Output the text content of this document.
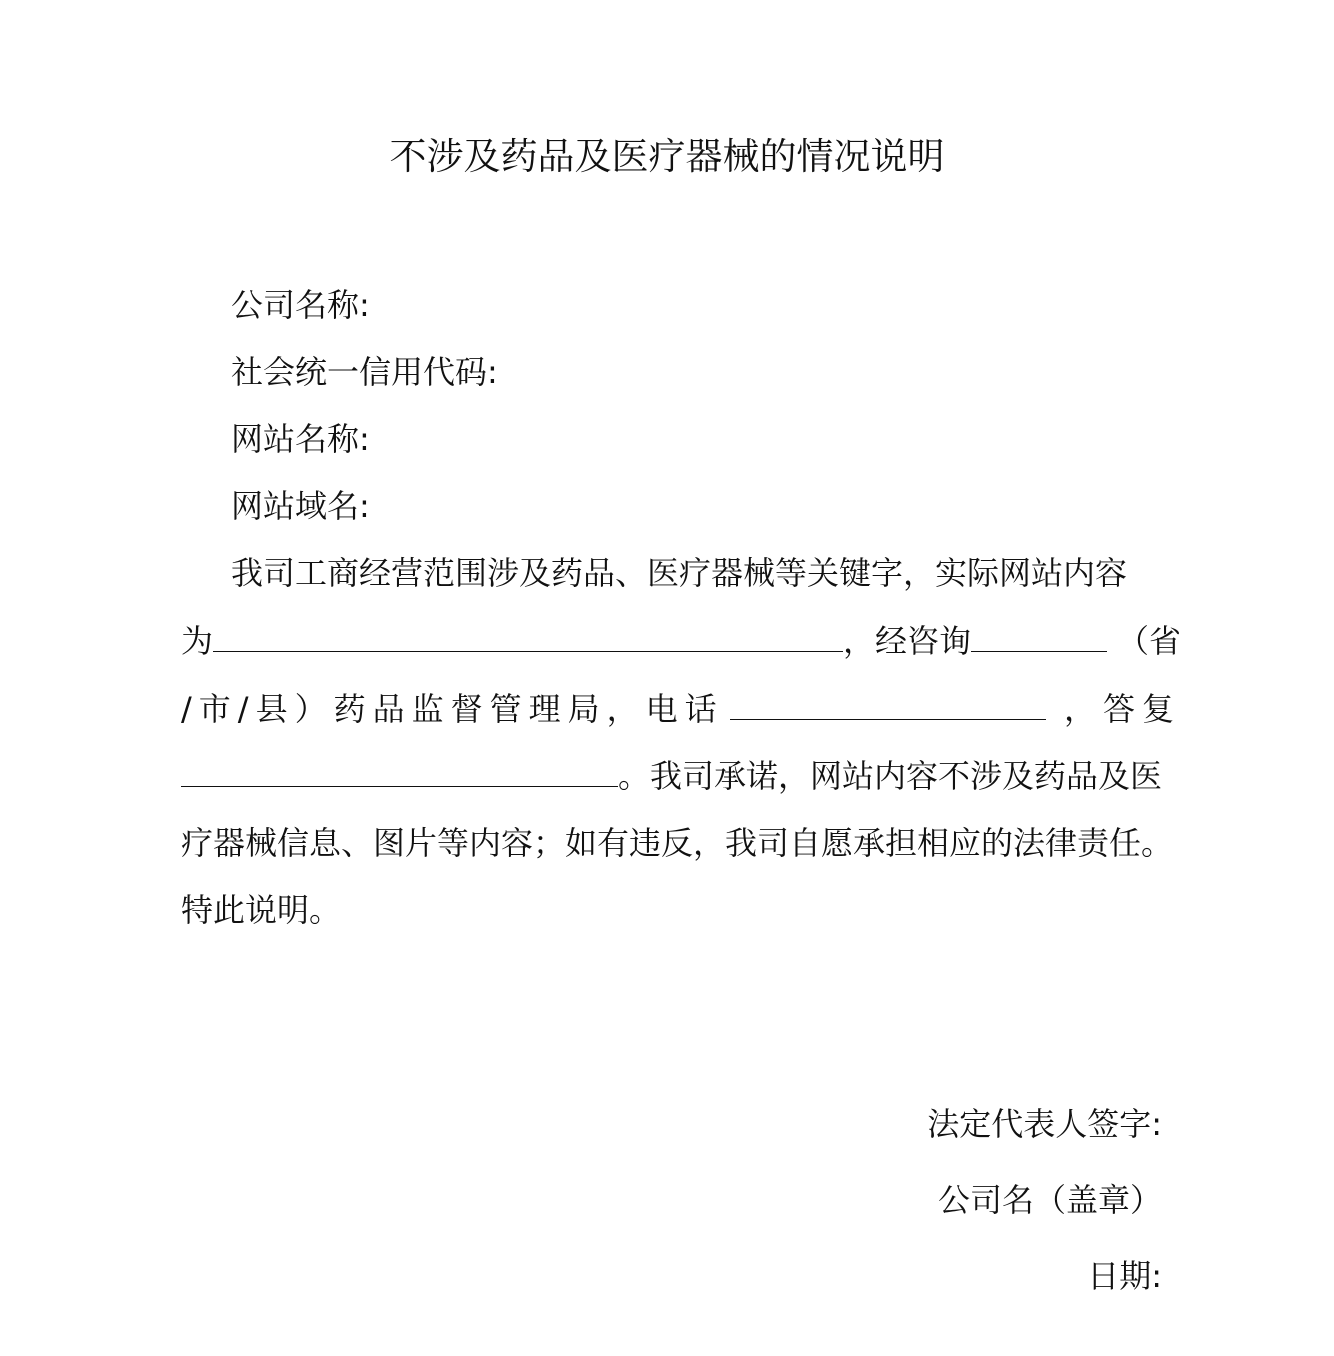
不涉及药品及医疗器械的情况说明
公司名称:
社会统一信用代码:
网站名称:
网站域名:
我司工商经营范围涉及药品、医疗器械等关键字，实际网站内容
为	，经咨询	（省
/市/县）药品监督管理局，电话	，答复
。我司承诺，网站内容不涉及药品及医
疗器械信息、图片等内容；如有违反，我司自愿承担相应的法律责任。
特此说明。
法定代表人签字:
公司名（盖章）
日期:
